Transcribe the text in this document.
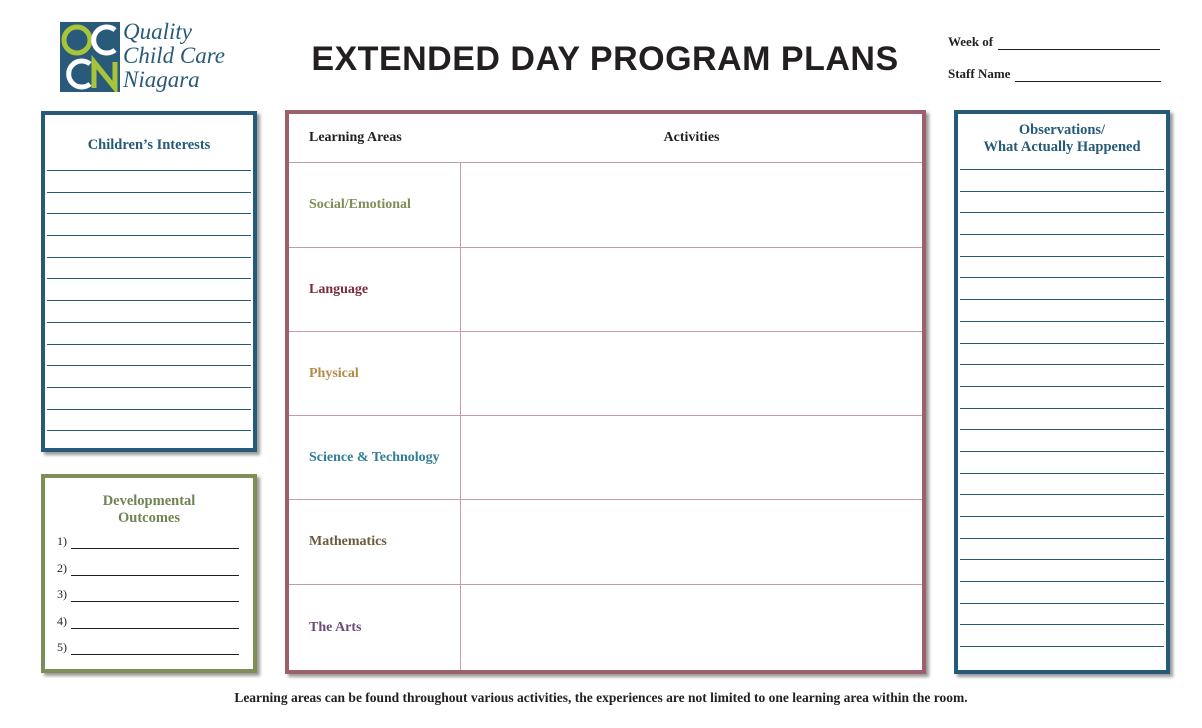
Quality
Child Care
Niagara
EXTENDED DAY PROGRAM PLANS	Week of
Staff Name
Children’s Interests
Developmental
Outcomes
1)
2)
3)
4)
5)
Learning Areas	Activities
Social/Emotional
Language
Physical
Science & Technology
Mathematics
The Arts
Observations/
What Actually Happened
Learning areas can be found throughout various activities, the experiences are not limited to one learning area within the room.
